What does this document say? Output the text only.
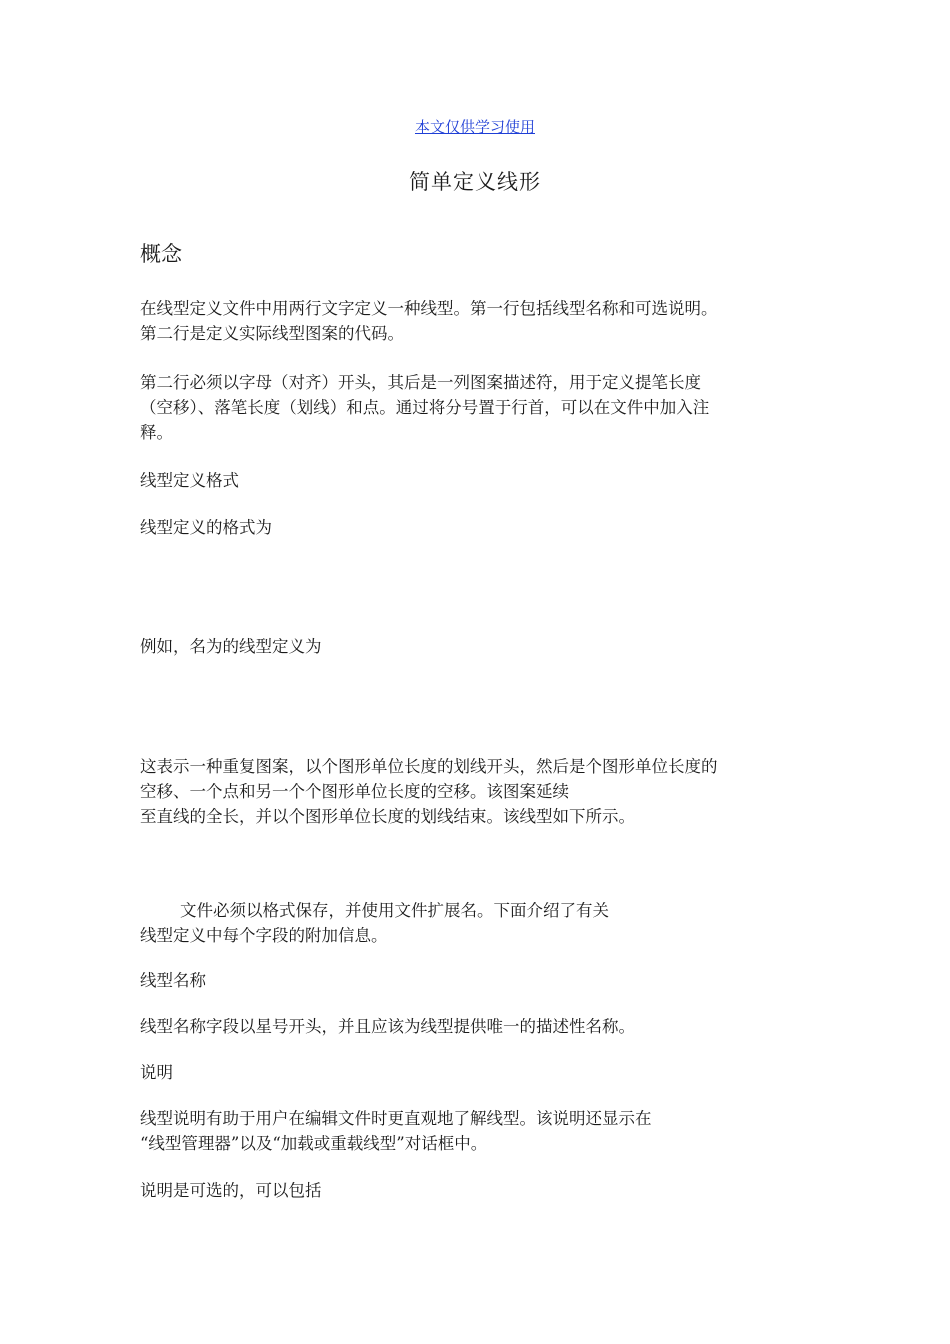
本文仅供学习使用
简单定义线形
概念
在线型定义文件中用两行文字定义一种线型。第一行包括线型名称和可选说明。
第二行是定义实际线型图案的代码。
第二行必须以字母（对齐）开头，其后是一列图案描述符，用于定义提笔长度
（空移）、落笔长度（划线）和点。通过将分号置于行首，可以在文件中加入注
释。
线型定义格式
线型定义的格式为
例如，名为的线型定义为
这表示一种重复图案，以个图形单位长度的划线开头，然后是个图形单位长度的
空移、一个点和另一个个图形单位长度的空移。该图案延续
至直线的全长，并以个图形单位长度的划线结束。该线型如下所示。
文件必须以格式保存，并使用文件扩展名。下面介绍了有关
线型定义中每个字段的附加信息。
线型名称
线型名称字段以星号开头，并且应该为线型提供唯一的描述性名称。
说明
线型说明有助于用户在编辑文件时更直观地了解线型。该说明还显示在
“线型管理器”以及“加载或重载线型”对话框中。
说明是可选的，可以包括
